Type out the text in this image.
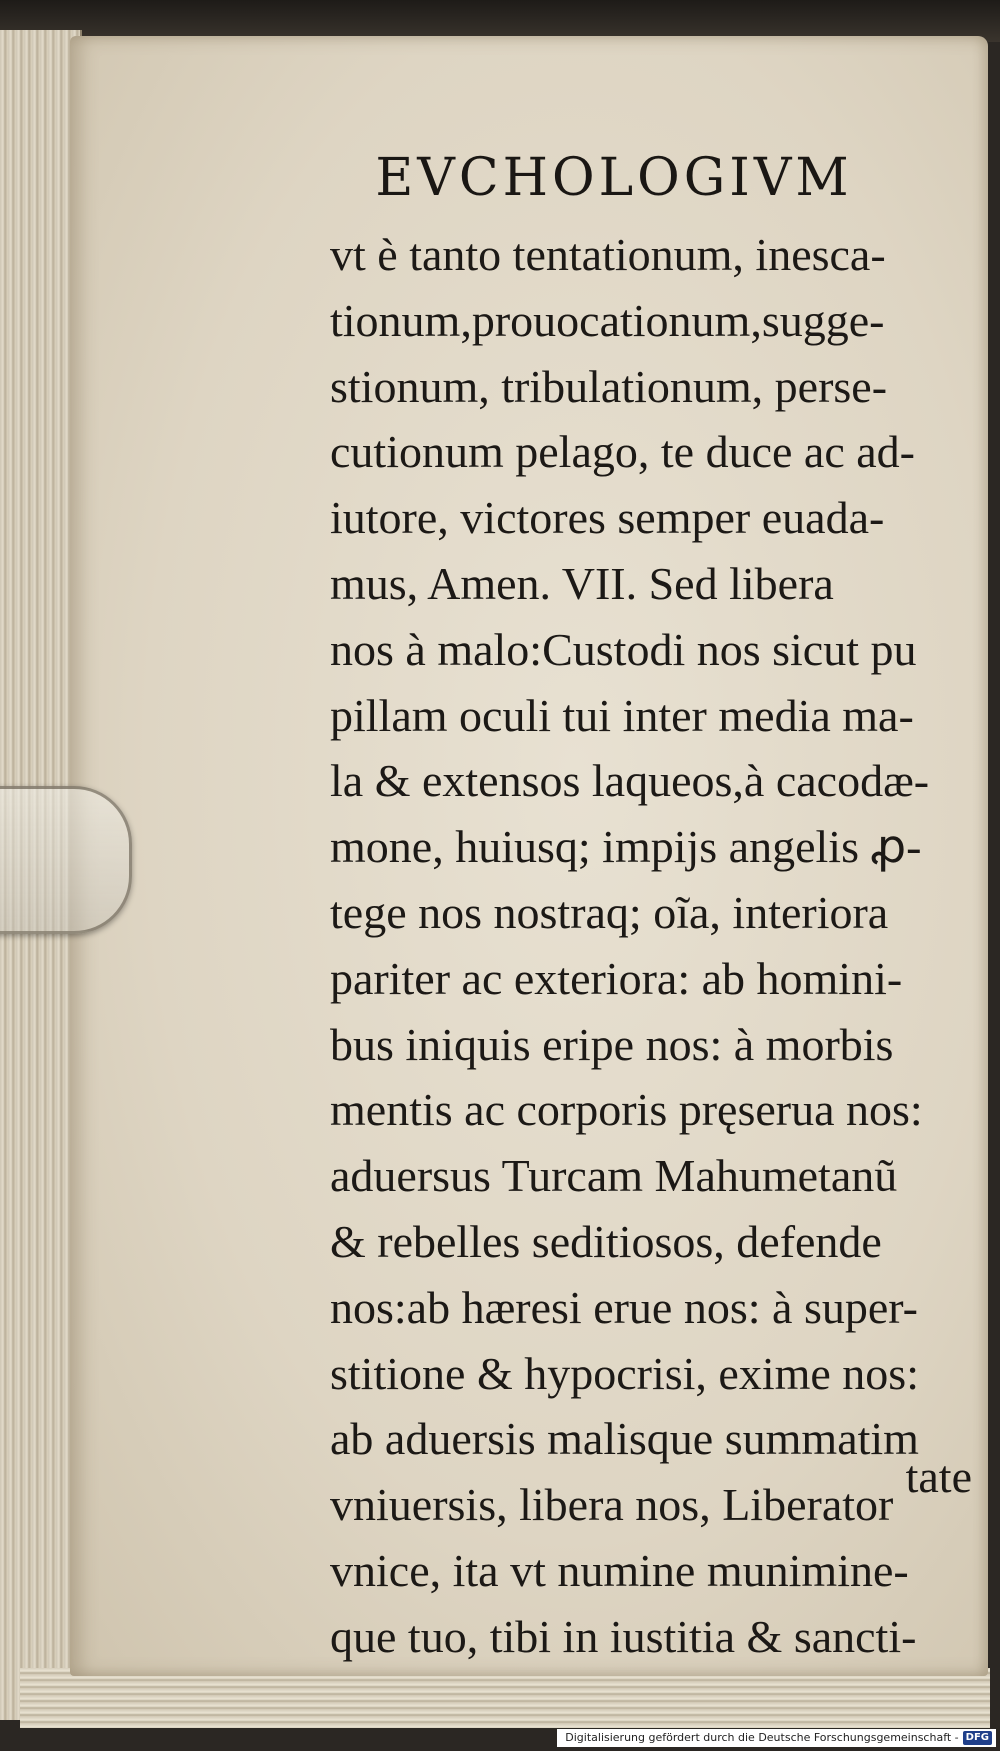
EVCHOLOGIVM
vt è tanto tentationum, inesca-
tionum,prouocationum,sugge-
stionum, tribulationum, perse-
cutionum pelago, te duce ac ad-
iutore, victores semper euada-
mus, Amen. VII. Sed libera
nos à malo:Custodi nos sicut pu
pillam oculi tui inter media ma-
la & extensos laqueos,à cacodæ-
mone, huiusq; impijs angelis ꝓ-
tege nos nostraq; oĩa, interiora
pariter ac exteriora: ab homini-
bus iniquis eripe nos: à morbis
mentis ac corporis pręserua nos:
aduersus Turcam Mahumetanũ
& rebelles seditiosos, defende
nos:ab hæresi erue nos: à super-
stitione & hypocrisi, exime nos:
ab aduersis malisque summatim
vniuersis, libera nos, Liberator
vnice, ita vt numine munimine-
que tuo, tibi in iustitia & sancti-
tate
Digitalisierung gefördert durch die Deutsche Forschungsgemeinschaft - DFG
